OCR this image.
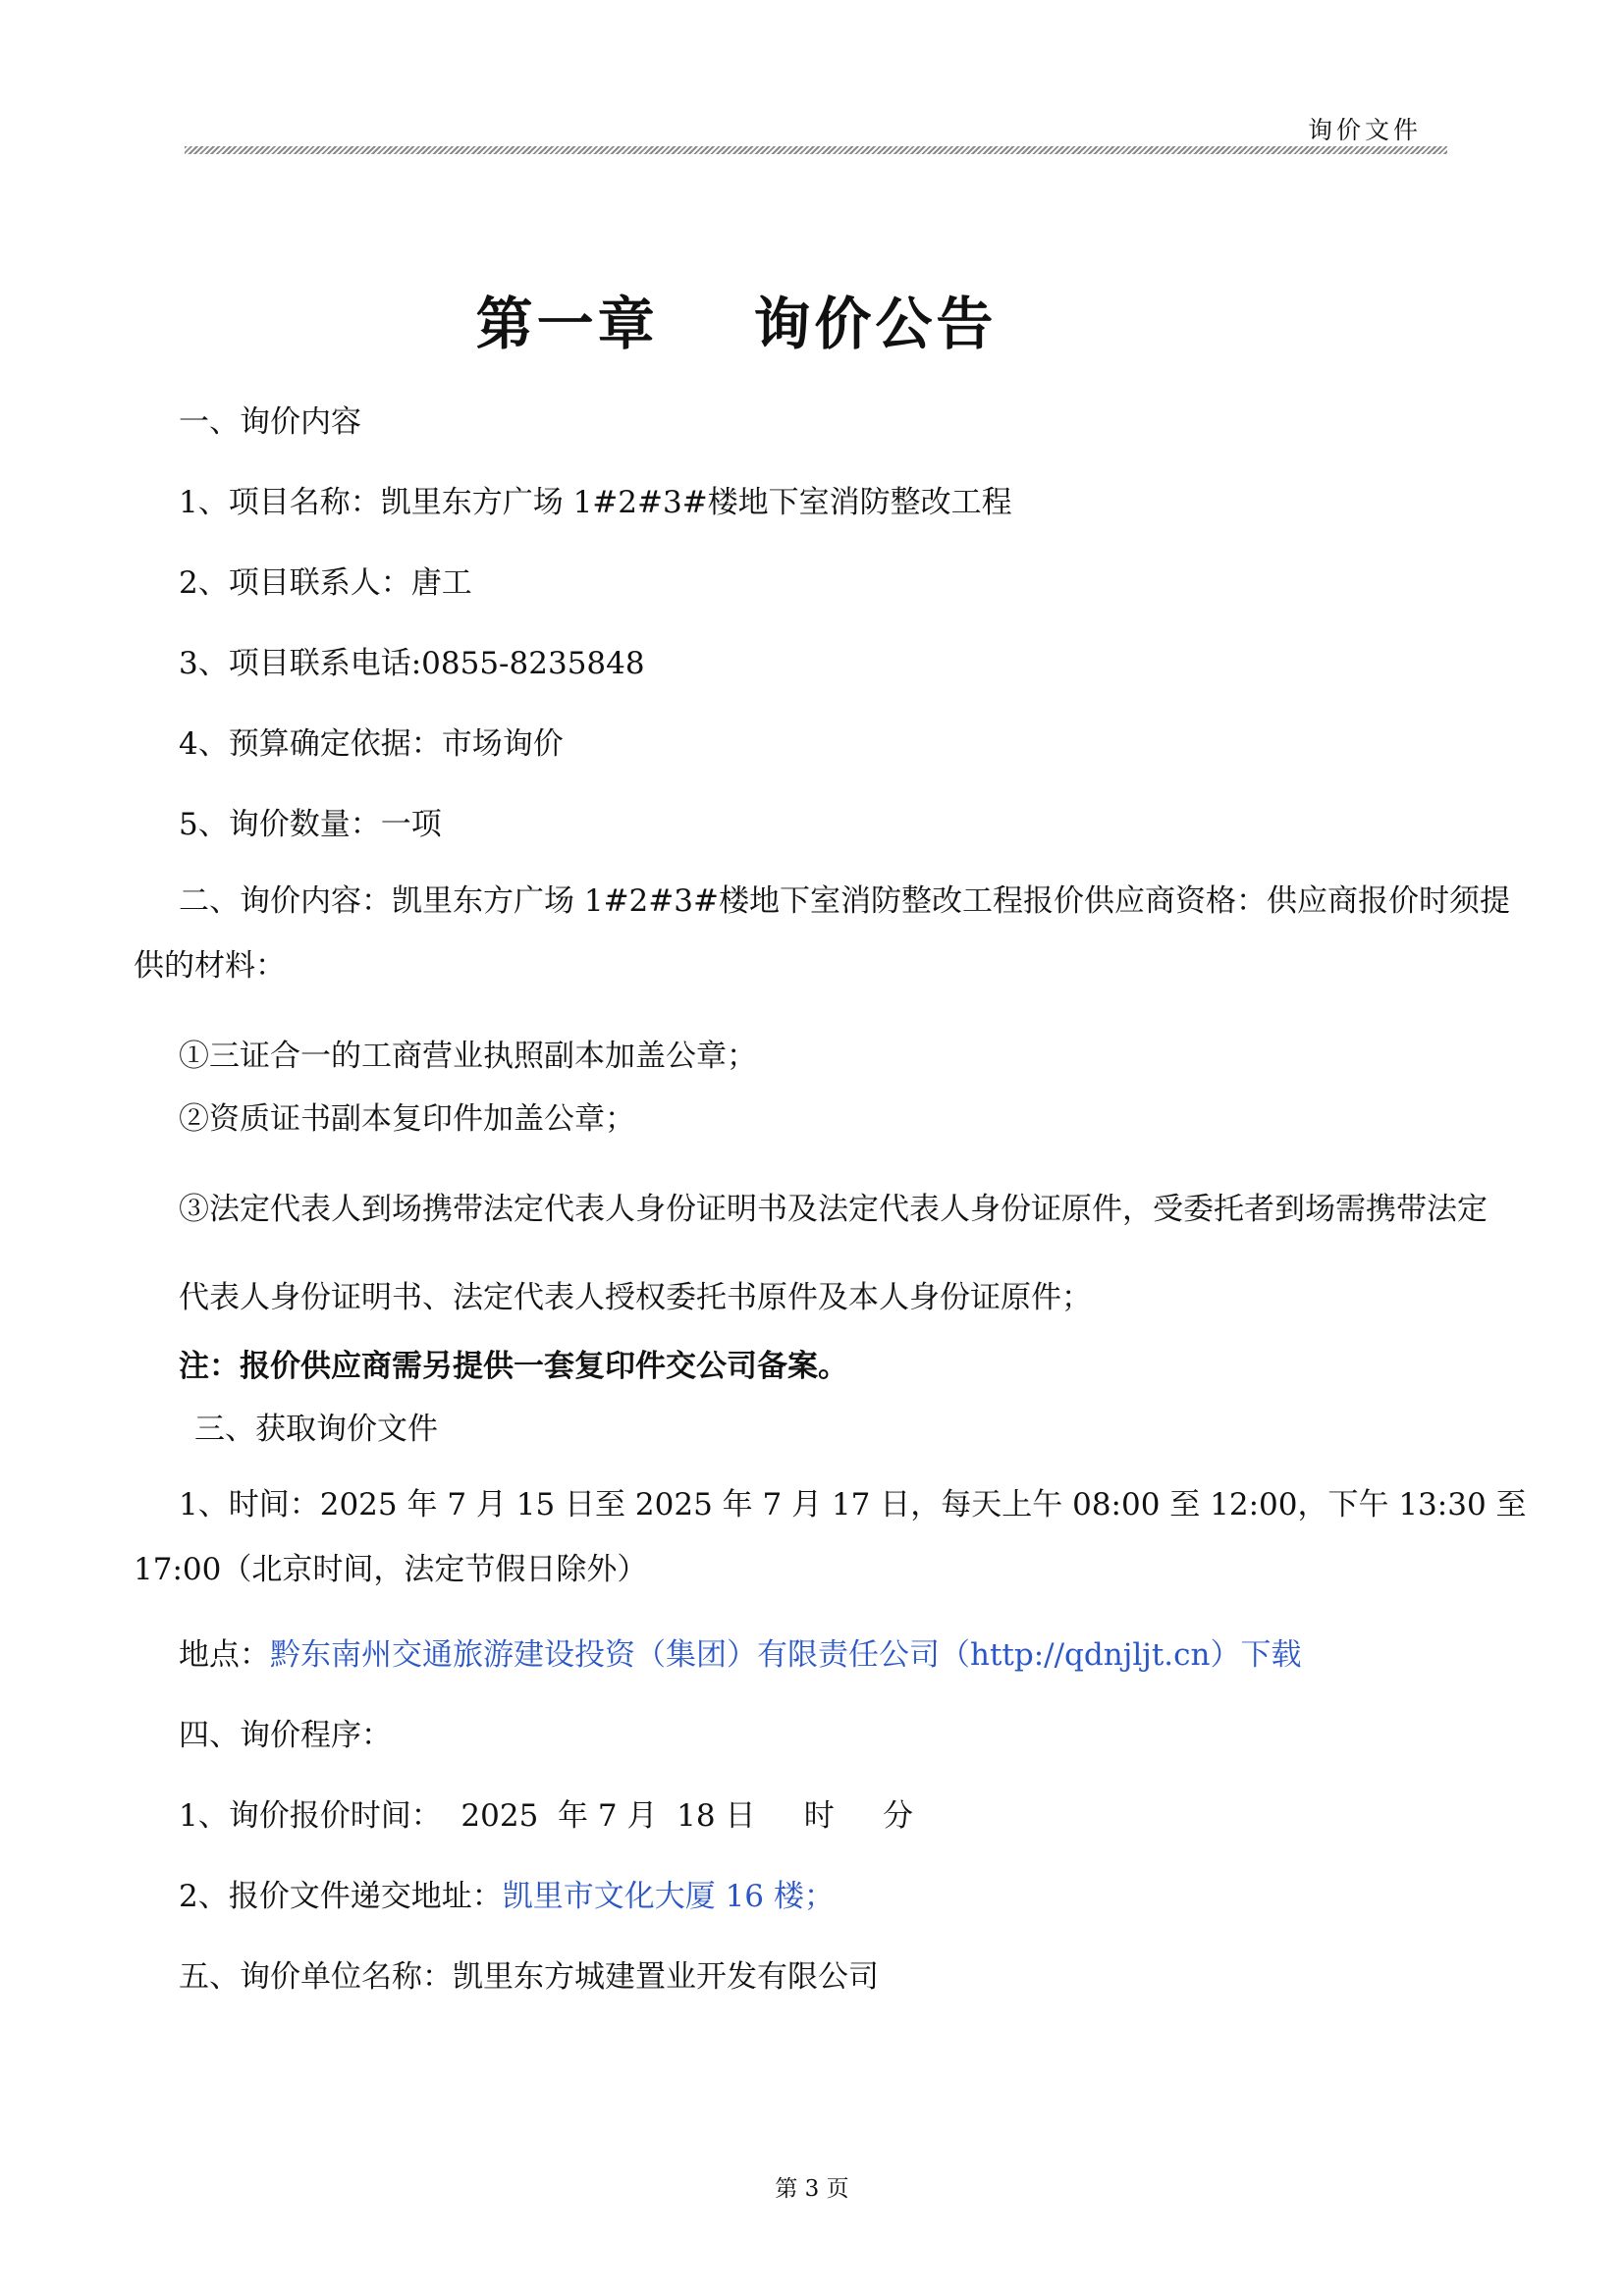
询价文件
第一章    询价公告
一、询价内容
1、项目名称：凯里东方广场 1#2#3#楼地下室消防整改工程
2、项目联系人：唐工
3、项目联系电话:0855-8235848
4、预算确定依据：市场询价
5、询价数量：一项
二、询价内容：凯里东方广场 1#2#3#楼地下室消防整改工程报价供应商资格：供应商报价时须提供的材料：
①三证合一的工商营业执照副本加盖公章；
②资质证书副本复印件加盖公章；
③法定代表人到场携带法定代表人身份证明书及法定代表人身份证原件，受委托者到场需携带法定
代表人身份证明书、法定代表人授权委托书原件及本人身份证原件；
注：报价供应商需另提供一套复印件交公司备案。
三、获取询价文件
1、时间：2025 年 7 月 15 日至 2025 年 7 月 17 日，每天上午 08:00 至 12:00，下午 13:30 至 17:00（北京时间，法定节假日除外）
地点：黔东南州交通旅游建设投资（集团）有限责任公司（http://qdnjljt.cn）下载
四、询价程序：
1、询价报价时间：  2025  年 7 月  18 日     时     分
2、报价文件递交地址：凯里市文化大厦 16 楼；
五、询价单位名称：凯里东方城建置业开发有限公司
第 3 页
